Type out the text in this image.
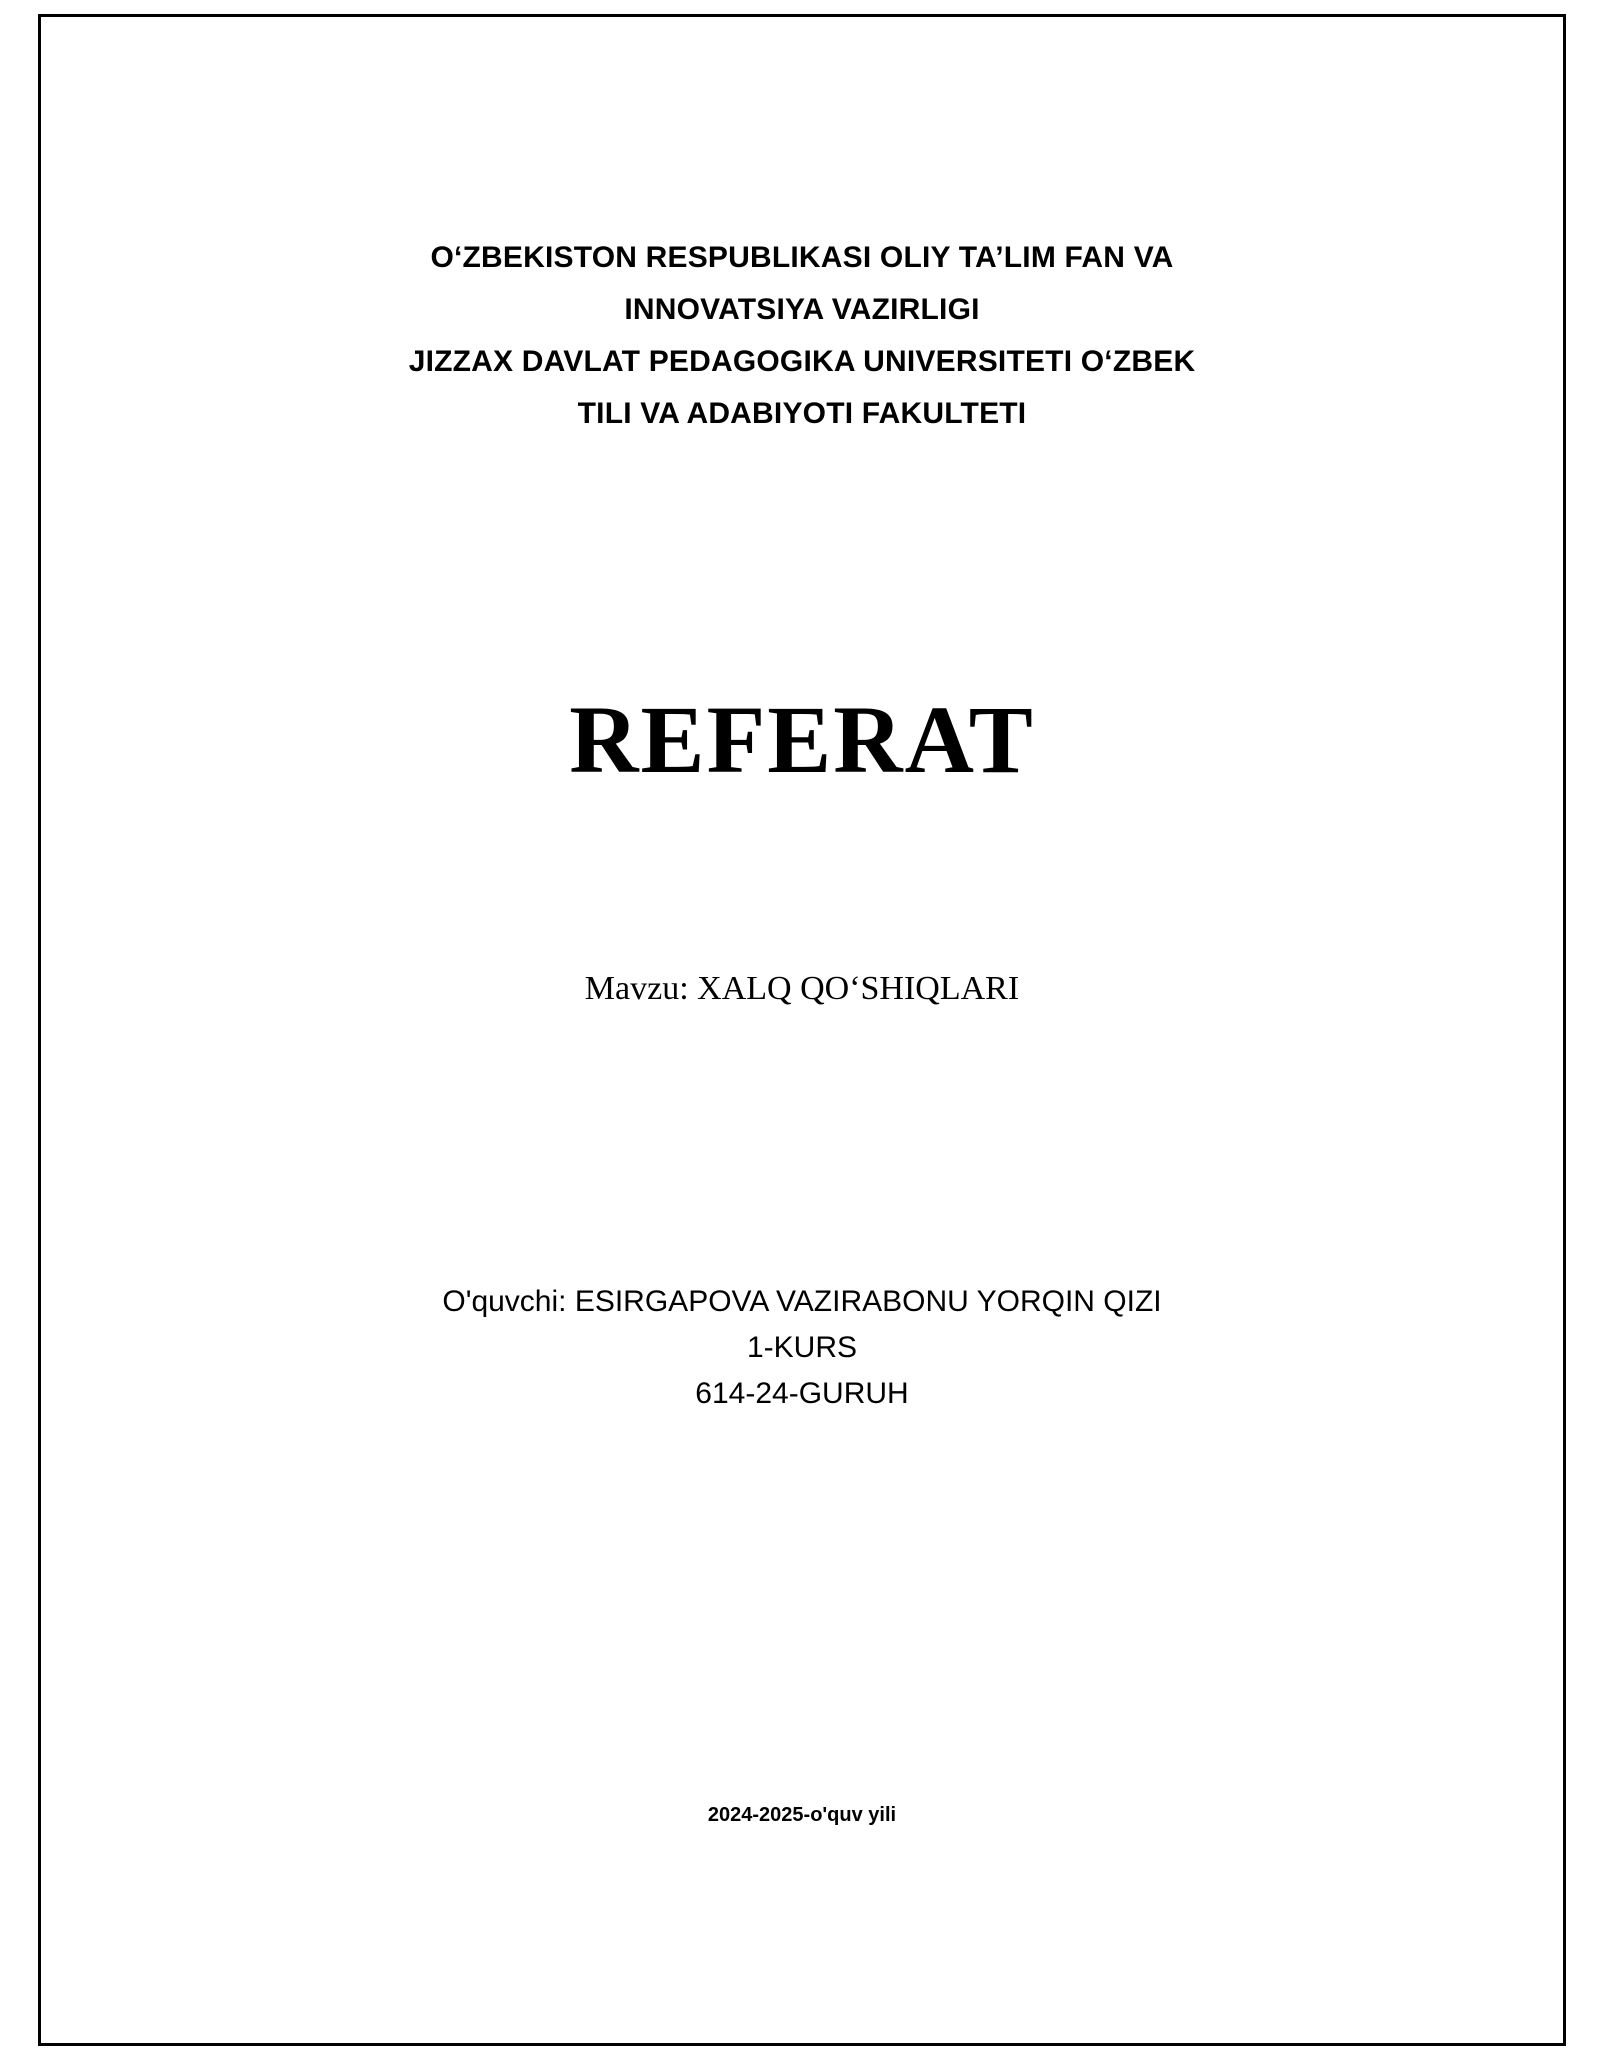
O‘ZBEKISTON RESPUBLIKASI OLIY TA’LIM FAN VA
INNOVATSIYA VAZIRLIGI
JIZZAX DAVLAT PEDAGOGIKA UNIVERSITETI O‘ZBEK
TILI VA ADABIYOTI FAKULTETI
REFERAT
Mavzu: XALQ QO‘SHIQLARI
O'quvchi: ESIRGAPOVA VAZIRABONU YORQIN QIZI
1-KURS
614-24-GURUH
2024-2025-o'quv yili
